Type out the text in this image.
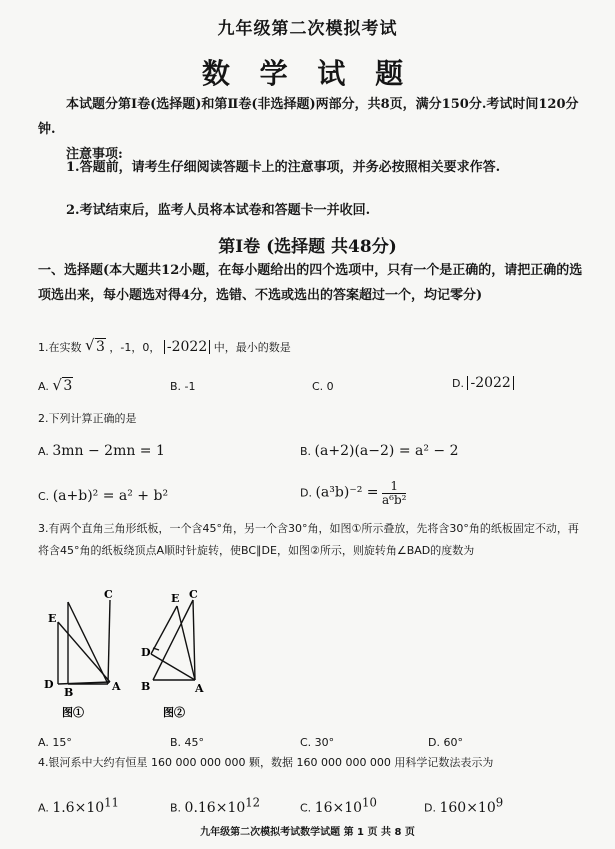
九年级第二次模拟考试
数 学 试 题
本试题分第Ⅰ卷(选择题)和第Ⅱ卷(非选择题)两部分，共8页，满分150分.考试时间120分钟.
注意事项:
1.答题前，请考生仔细阅读答题卡上的注意事项，并务必按照相关要求作答.
2.考试结束后，监考人员将本试卷和答题卡一并收回.
第Ⅰ卷 (选择题 共48分)
一、选择题(本大题共12小题，在每小题给出的四个选项中，只有一个是正确的，请把正确的选项选出来，每小题选对得4分，选错、不选或选出的答案超过一个，均记零分)
1.在实数 √ 3 ，-1，0， -2022 中，最小的数是
A. √ 3	B. -1	C. 0	D. -2022
2.下列计算正确的是
A. 3mn − 2mn = 1	B. (a+2)(a−2) = a² − 2
C. (a+b)² = a² + b²	D. $(a^3b)^{-2} = \frac{1}{\text{a⁶b²}}$
3.有两个直角三角形纸板，一个含45°角，另一个含30°角，如图①所示叠放，先将含30°角的纸板固定不动，再将含45°角的纸板绕顶点A顺时针旋转，使BC∥DE，如图②所示，则旋转角∠BAD的度数为
E
C
D
B	A
图①
E C
D
B	A
图②
A. 15°	B. 45°	C. 30°	D. 60°
4.银河系中大约有恒星 160 000 000 000 颗，数据 160 000 000 000 用科学记数法表示为
A. $1.6\times 10^{11}$	B. $0.16\times 10^{12}$	C. $16\times 10^{10}$	D. $160\times 10^9$
九年级第二次模拟考试数学试题 第 1 页 共 8 页
